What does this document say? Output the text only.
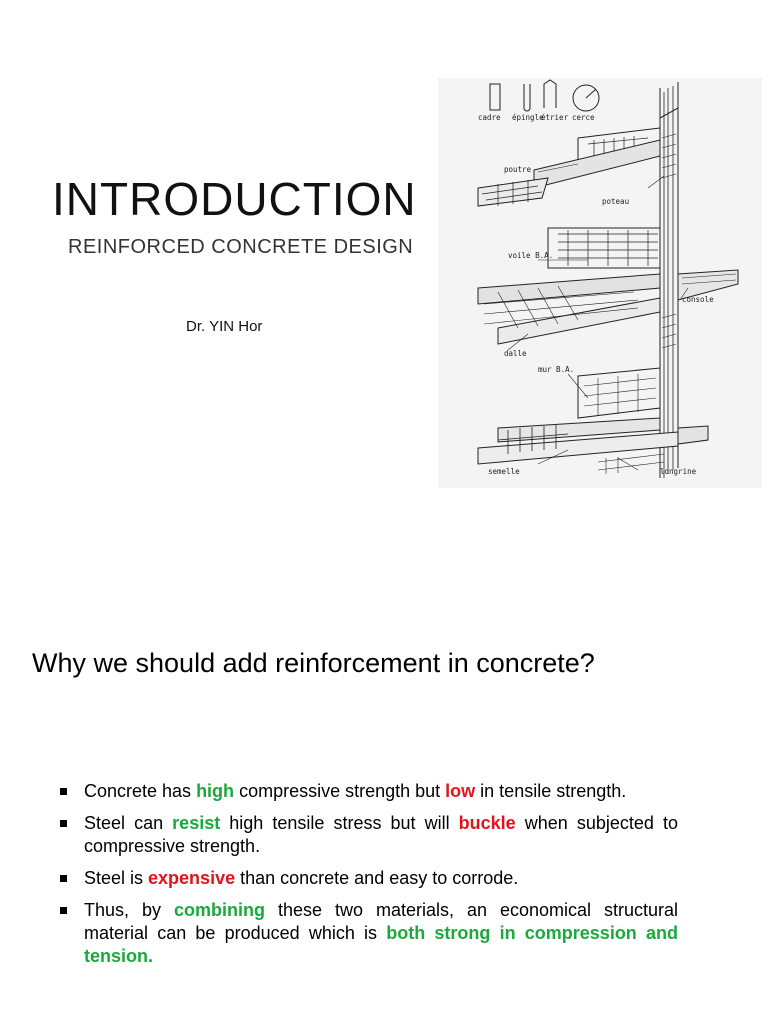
INTRODUCTION
REINFORCED CONCRETE DESIGN
Dr. YIN Hor
cadre épingle
étrier cerce
poutre
poteau
voile B.A.
console
dalle
mur B.A.
semelle	longrine
Why we should add reinforcement in concrete?
Concrete has high compressive strength but low in tensile strength.
Steel can resist high tensile stress but will buckle when subjected to compressive strength.
Steel is expensive than concrete and easy to corrode.
Thus, by combining these two materials, an economical structural material can be produced which is both strong in compression and tension.
